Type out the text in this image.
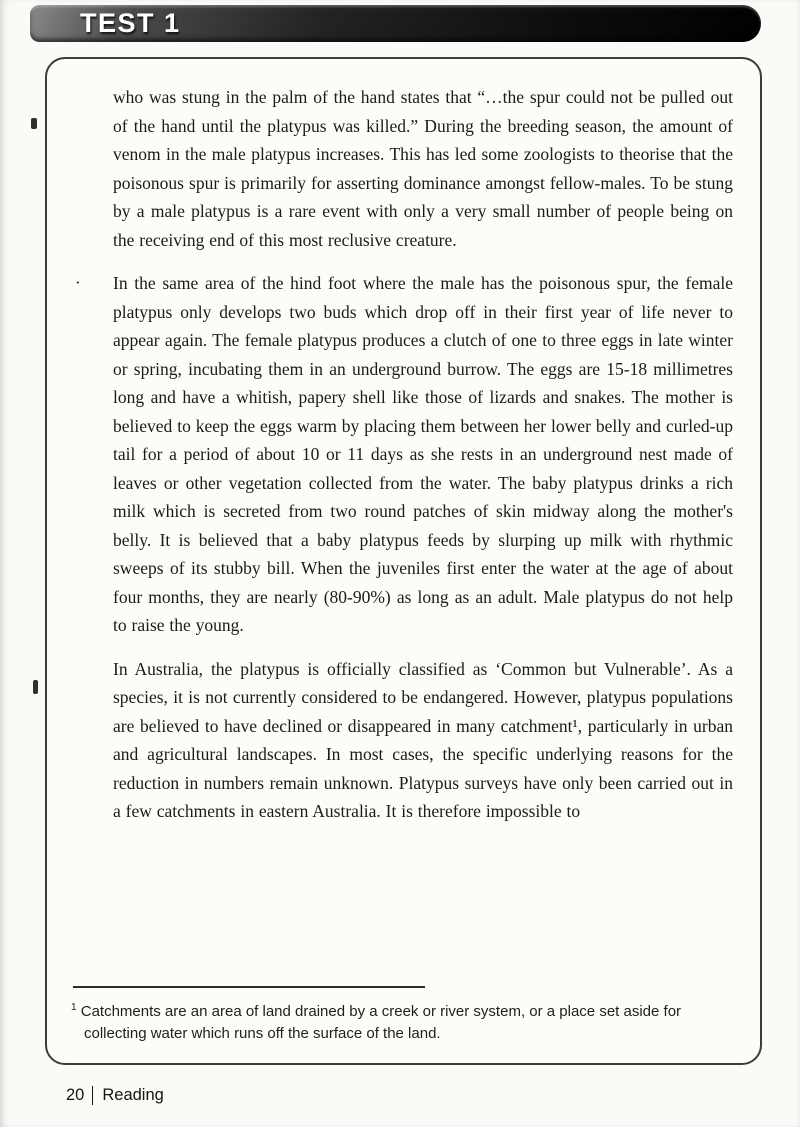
TEST 1

who was stung in the palm of the hand states that “…the spur could not be pulled out of the hand until the platypus was killed.” During the breeding season, the amount of venom in the male platypus increases. This has led some zoologists to theorise that the poisonous spur is primarily for asserting dominance amongst fellow-males. To be stung by a male platypus is a rare event with only a very small number of people being on the receiving end of this most reclusive creature.

· In the same area of the hind foot where the male has the poisonous spur, the female platypus only develops two buds which drop off in their first year of life never to appear again. The female platypus produces a clutch of one to three eggs in late winter or spring, incubating them in an underground burrow. The eggs are 15-18 millimetres long and have a whitish, papery shell like those of lizards and snakes. The mother is believed to keep the eggs warm by placing them between her lower belly and curled-up tail for a period of about 10 or 11 days as she rests in an underground nest made of leaves or other vegetation collected from the water. The baby platypus drinks a rich milk which is secreted from two round patches of skin midway along the mother's belly. It is believed that a baby platypus feeds by slurping up milk with rhythmic sweeps of its stubby bill. When the juveniles first enter the water at the age of about four months, they are nearly (80-90%) as long as an adult. Male platypus do not help to raise the young.

In Australia, the platypus is officially classified as ‘Common but Vulnerable’. As a species, it is not currently considered to be endangered. However, platypus populations are believed to have declined or disappeared in many catchment¹, particularly in urban and agricultural landscapes. In most cases, the specific underlying reasons for the reduction in numbers remain unknown. Platypus surveys have only been carried out in a few catchments in eastern Australia. It is therefore impossible to

$^1$ Catchments are an area of land drained by a creek or river system, or a place set aside for collecting water which runs off the surface of the land.

20 Reading
